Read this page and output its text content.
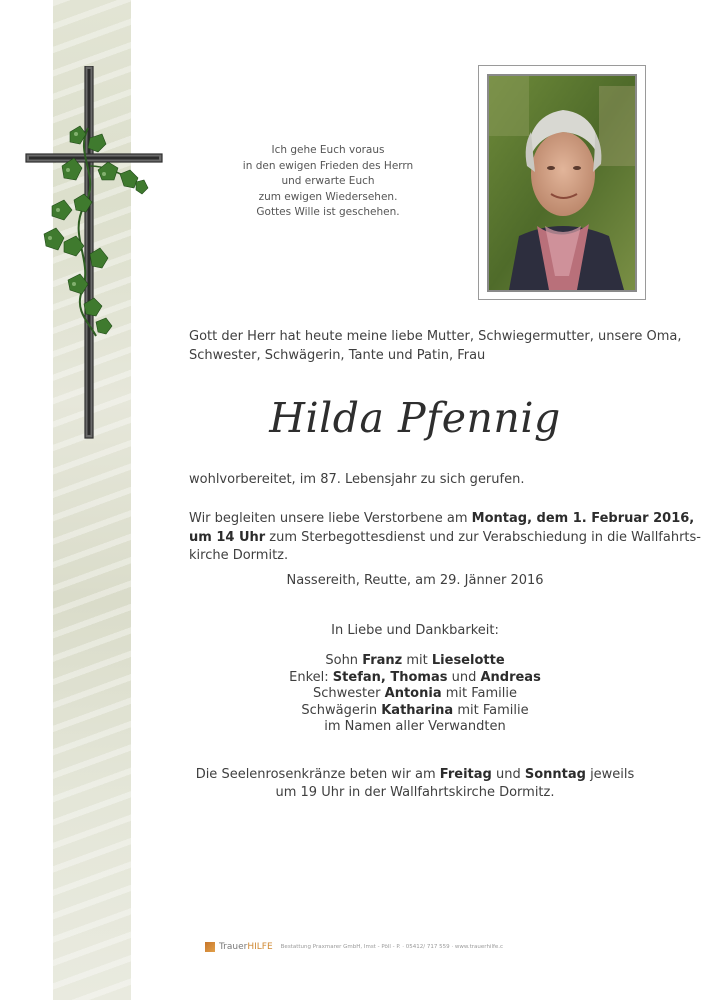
Ich gehe Euch voraus
in den ewigen Frieden des Herrn
und erwarte Euch
zum ewigen Wiedersehen.
Gottes Wille ist geschehen.
Gott der Herr hat heute meine liebe Mutter, Schwiegermutter, unsere Oma,
Schwester, Schwägerin, Tante und Patin, Frau
Hilda Pfennig
wohlvorbereitet, im 87. Lebensjahr zu sich gerufen.
Wir begleiten unsere liebe Verstorbene am Montag, dem 1. Februar 2016,
um 14 Uhr zum Sterbegottesdienst und zur Verabschiedung in die Wallfahrts-
kirche Dormitz.
Nassereith, Reutte, am 29. Jänner 2016
In Liebe und Dankbarkeit:
Sohn Franz mit Lieselotte
Enkel: Stefan, Thomas und Andreas
Schwester Antonia mit Familie
Schwägerin Katharina mit Familie
im Namen aller Verwandten
Die Seelenrosenkränze beten wir am Freitag und Sonntag jeweils
um 19 Uhr in der Wallfahrtskirche Dormitz.
TrauerHILFE Bestattung Praxmarer GmbH, Imst - Pöll - P. · 05412/ 717 559 · www.trauerhilfe.c
